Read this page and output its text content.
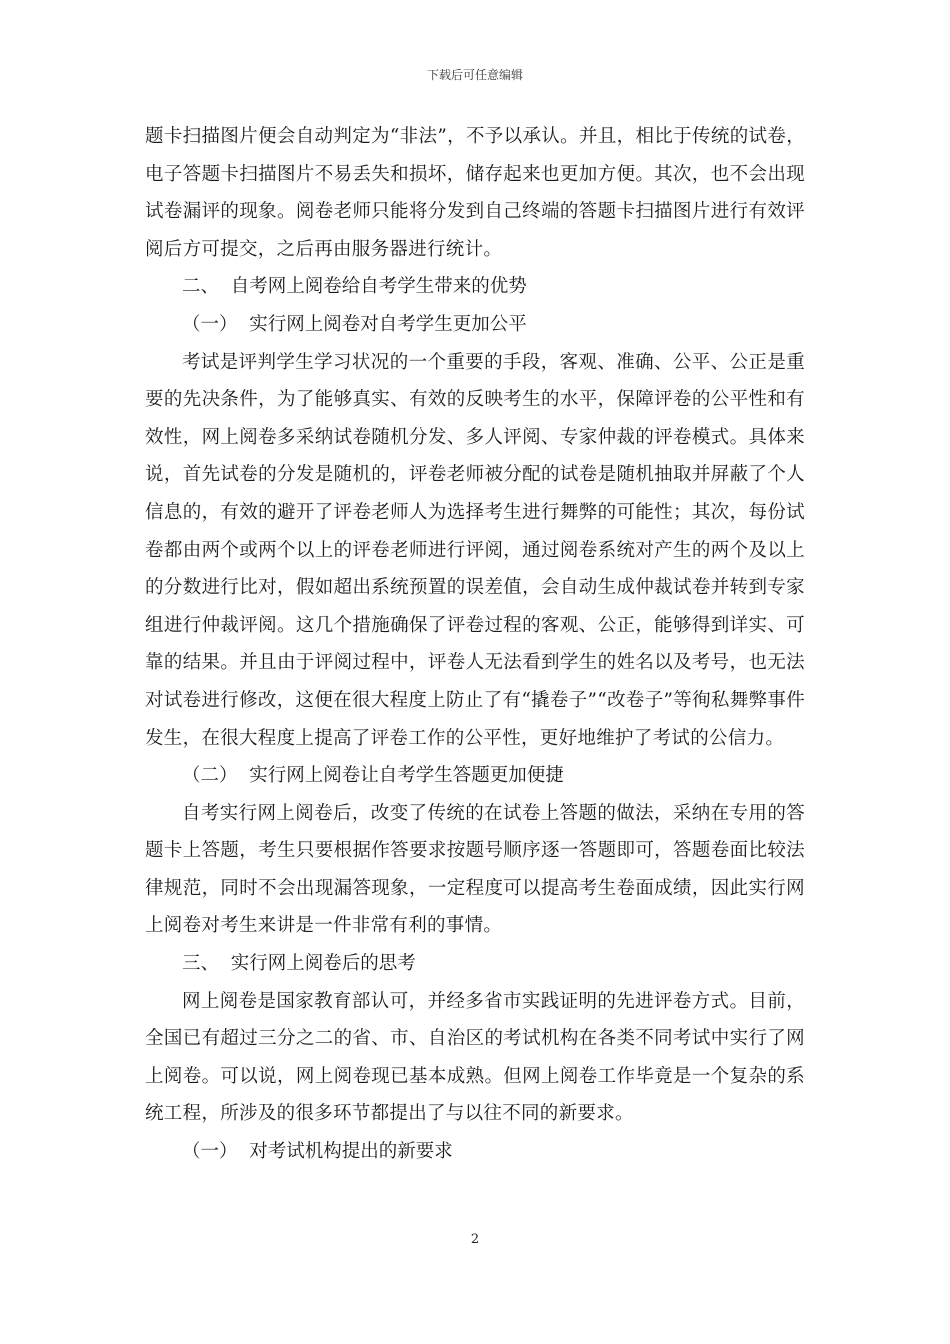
下载后可任意编辑

题卡扫描图片便会自动判定为“非法”，不予以承认。并且，相比于传统的试卷，电子答题卡扫描图片不易丢失和损坏，储存起来也更加方便。其次，也不会出现试卷漏评的现象。阅卷老师只能将分发到自己终端的答题卡扫描图片进行有效评阅后方可提交，之后再由服务器进行统计。

二、  自考网上阅卷给自考学生带来的优势

（一）  实行网上阅卷对自考学生更加公平

考试是评判学生学习状况的一个重要的手段，客观、准确、公平、公正是重要的先决条件，为了能够真实、有效的反映考生的水平，保障评卷的公平性和有效性，网上阅卷多采纳试卷随机分发、多人评阅、专家仲裁的评卷模式。具体来说，首先试卷的分发是随机的，评卷老师被分配的试卷是随机抽取并屏蔽了个人信息的，有效的避开了评卷老师人为选择考生进行舞弊的可能性；其次，每份试卷都由两个或两个以上的评卷老师进行评阅，通过阅卷系统对产生的两个及以上的分数进行比对，假如超出系统预置的误差值，会自动生成仲裁试卷并转到专家组进行仲裁评阅。这几个措施确保了评卷过程的客观、公正，能够得到详实、可靠的结果。并且由于评阅过程中，评卷人无法看到学生的姓名以及考号，也无法对试卷进行修改，这便在很大程度上防止了有“撬卷子”“改卷子”等徇私舞弊事件发生，在很大程度上提高了评卷工作的公平性，更好地维护了考试的公信力。

（二）  实行网上阅卷让自考学生答题更加便捷

自考实行网上阅卷后，改变了传统的在试卷上答题的做法，采纳在专用的答题卡上答题，考生只要根据作答要求按题号顺序逐一答题即可，答题卷面比较法律规范，同时不会出现漏答现象，一定程度可以提高考生卷面成绩，因此实行网上阅卷对考生来讲是一件非常有利的事情。

三、  实行网上阅卷后的思考

网上阅卷是国家教育部认可，并经多省市实践证明的先进评卷方式。目前，全国已有超过三分之二的省、市、自治区的考试机构在各类不同考试中实行了网上阅卷。可以说，网上阅卷现已基本成熟。但网上阅卷工作毕竟是一个复杂的系统工程，所涉及的很多环节都提出了与以往不同的新要求。

（一）  对考试机构提出的新要求

2
